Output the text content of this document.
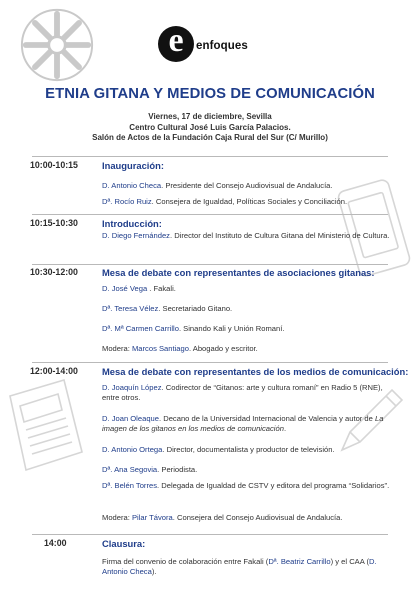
e	enfoques
ETNIA GITANA Y MEDIOS DE COMUNICACIÓN
Viernes, 17 de diciembre, Sevilla
Centro Cultural José Luis García Palacios.
Salón de Actos de la Fundación Caja Rural del Sur (C/ Murillo)
10:00-10:15	Inauguración:
D. Antonio Checa. Presidente del Consejo Audiovisual de Andalucía.
Dª. Rocío Ruiz. Consejera de Igualdad, Políticas Sociales y Conciliación.
10:15-10:30	Introducción:
D. Diego Fernández. Director del Instituto de Cultura Gitana del Ministerio de Cultura.
10:30-12:00	Mesa de debate con representantes de asociaciones gitanas:
D. José Vega . Fakali.
Dª. Teresa Vélez. Secretariado Gitano.
Dª. Mª Carmen Carrillo. Sinando Kali y Unión Romaní.
Modera: Marcos Santiago. Abogado y escritor.
12:00-14:00	Mesa de debate con representantes de los medios de comunicación:
D. Joaquín López. Codirector de “Gitanos: arte y cultura romaní” en Radio 5 (RNE), entre otros.
D. Joan Oleaque. Decano de la Universidad Internacional de Valencia y autor de La imagen de los gitanos en los medios de comunicación.
D. Antonio Ortega. Director, documentalista y productor de televisión.
Dª. Ana Segovia. Periodista.
Dª. Belén Torres. Delegada de Igualdad de CSTV y editora del programa “Solidarios”.
Modera: Pilar Távora. Consejera del Consejo Audiovisual de Andalucía.
14:00	Clausura:
Firma del convenio de colaboración entre Fakali (Dª. Beatriz Carrillo) y el CAA (D. Antonio Checa).
